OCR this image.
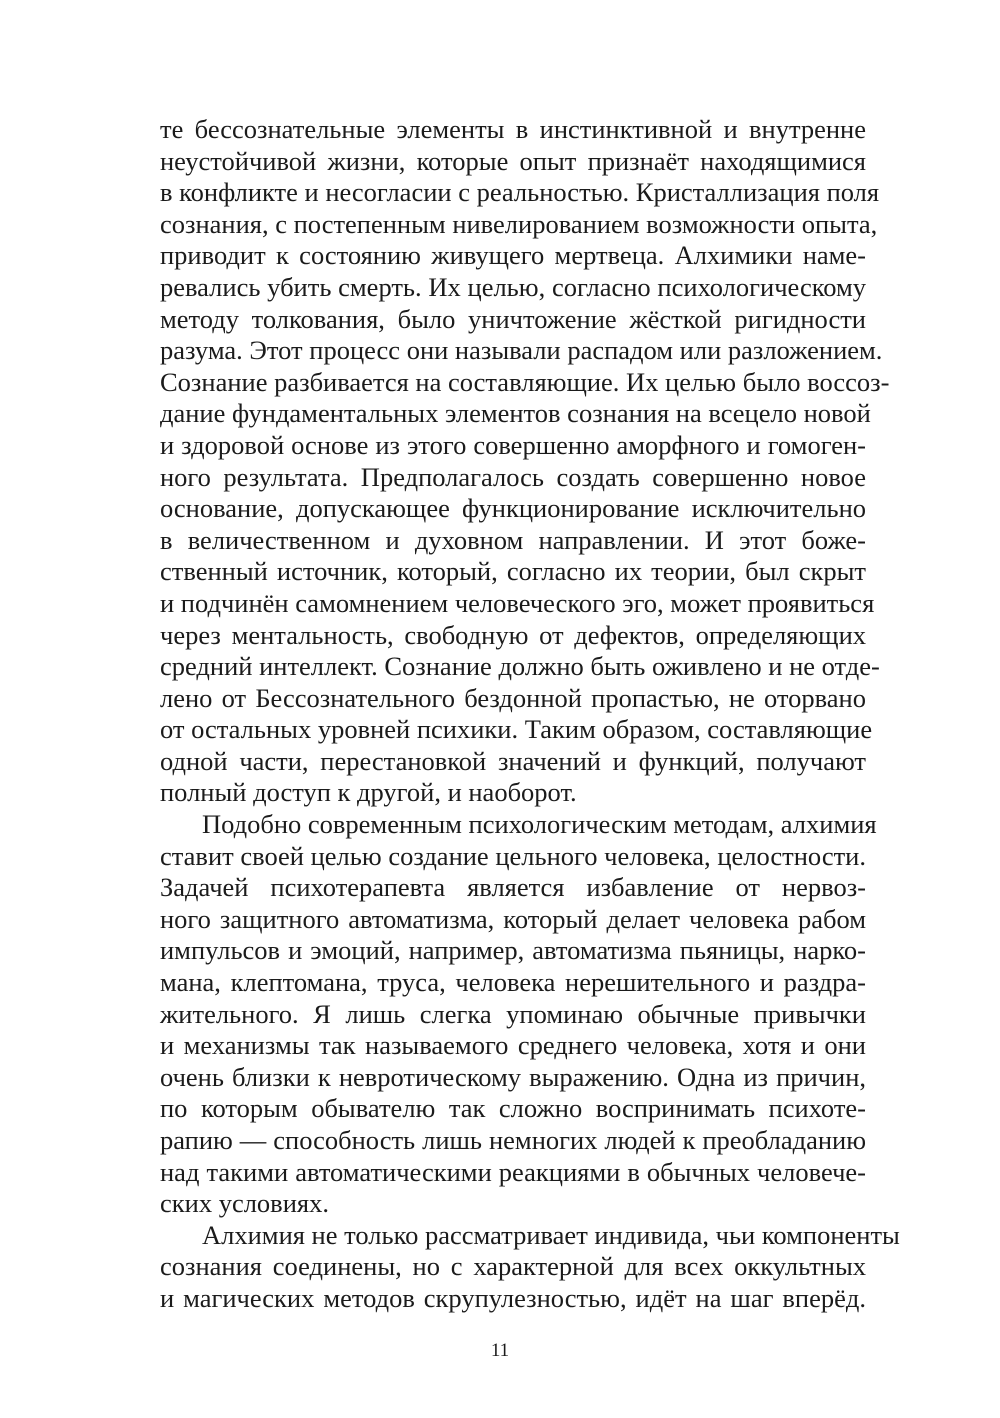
те бессознательные элементы в инстинктивной и внутренне
неустойчивой жизни, которые опыт признаёт находящимися
в конфликте и несогласии с реальностью. Кристаллизация поля
сознания, с постепенным нивелированием возможности опыта,
приводит к состоянию живущего мертвеца. Алхимики наме-
ревались убить смерть. Их целью, согласно психологическому
методу толкования, было уничтожение жёсткой ригидности
разума. Этот процесс они называли распадом или разложением.
Сознание разбивается на составляющие. Их целью было воссоз-
дание фундаментальных элементов сознания на всецело новой
и здоровой основе из этого совершенно аморфного и гомоген-
ного результата. Предполагалось создать совершенно новое
основание, допускающее функционирование исключительно
в величественном и духовном направлении. И этот боже-
ственный источник, который, согласно их теории, был скрыт
и подчинён самомнением человеческого эго, может проявиться
через ментальность, свободную от дефектов, определяющих
средний интеллект. Сознание должно быть оживлено и не отде-
лено от Бессознательного бездонной пропастью, не оторвано
от остальных уровней психики. Таким образом, составляющие
одной части, перестановкой значений и функций, получают
полный доступ к другой, и наоборот.
Подобно современным психологическим методам, алхимия
ставит своей целью создание цельного человека, целостности.
Задачей психотерапевта является избавление от нервоз-
ного защитного автоматизма, который делает человека рабом
импульсов и эмоций, например, автоматизма пьяницы, нарко-
мана, клептомана, труса, человека нерешительного и раздра-
жительного. Я лишь слегка упоминаю обычные привычки
и механизмы так называемого среднего человека, хотя и они
очень близки к невротическому выражению. Одна из причин,
по которым обывателю так сложно воспринимать психоте-
рапию — способность лишь немногих людей к преобладанию
над такими автоматическими реакциями в обычных человече-
ских условиях.
Алхимия не только рассматривает индивида, чьи компоненты
сознания соединены, но с характерной для всех оккультных
и магических методов скрупулезностью, идёт на шаг вперёд.
11
